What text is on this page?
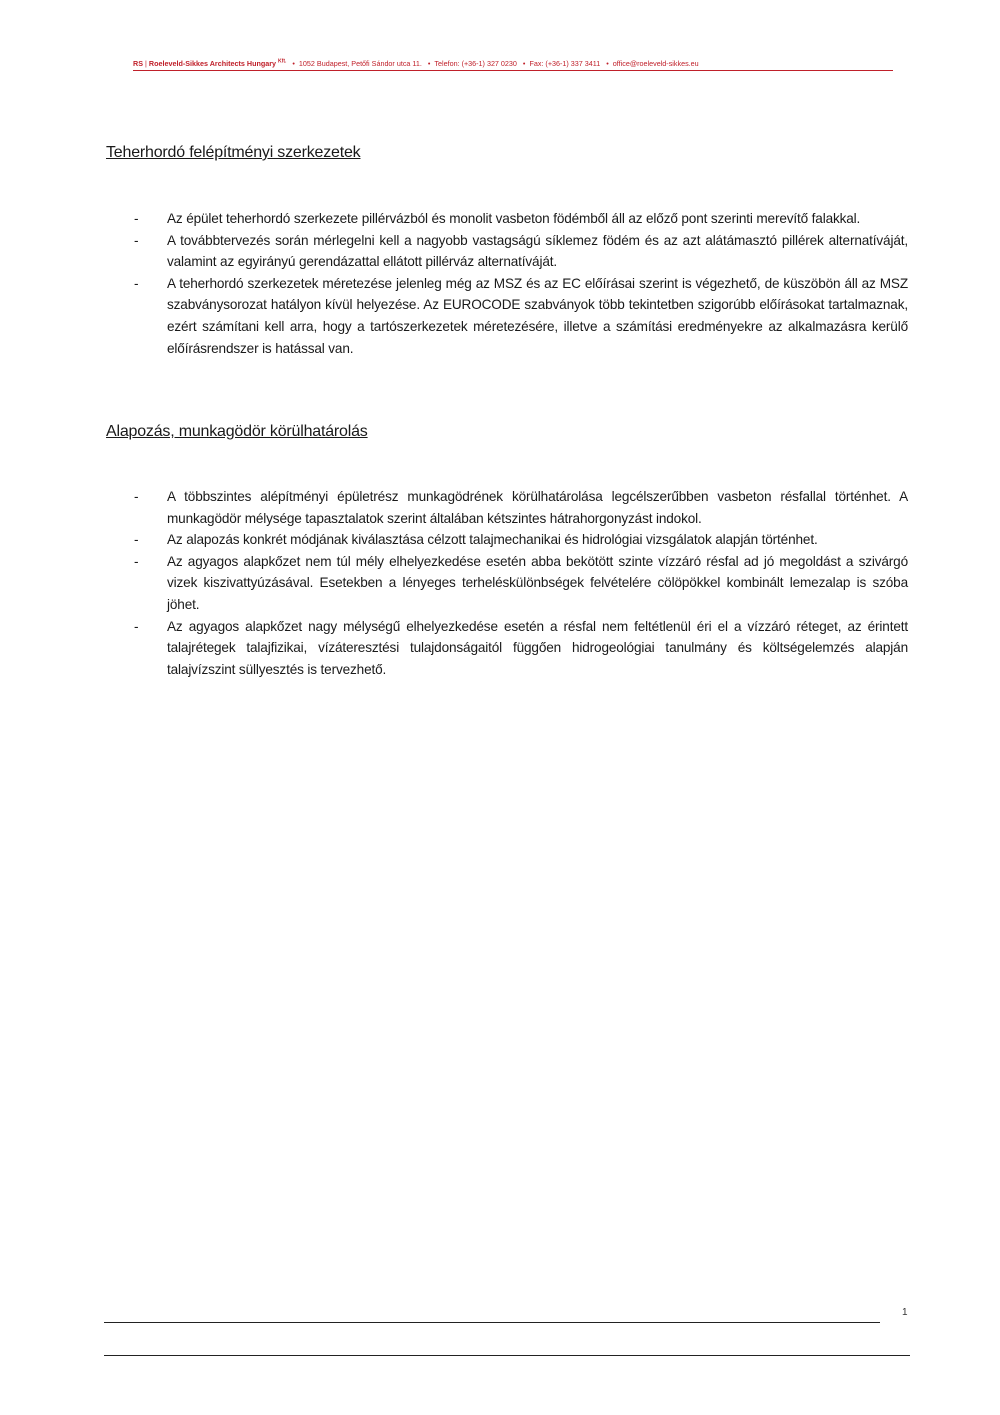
RS | Roeleveld-Sikkes Architects Hungary $^{Kft.}$ • 1052 Budapest, Petőfi Sándor utca 11. • Telefon: (+36-1) 327 0230 • Fax: (+36-1) 337 3411 • office@roeleveld-sikkes.eu
Teherhordó felépítményi szerkezetek
- Az épület teherhordó szerkezete pillérvázból és monolit vasbeton födémből áll az előző pont szerinti merevítő falakkal.
- A továbbtervezés során mérlegelni kell a nagyobb vastagságú síklemez födém és az azt alátámasztó pillérek alternatíváját, valamint az egyirányú gerendázattal ellátott pillérváz alternatíváját.
- A teherhordó szerkezetek méretezése jelenleg még az MSZ és az EC előírásai szerint is végezhető, de küszöbön áll az MSZ szabványsorozat hatályon kívül helyezése. Az EUROCODE szabványok több tekintetben szigorúbb előírásokat tartalmaznak, ezért számítani kell arra, hogy a tartószerkezetek méretezésére, illetve a számítási eredményekre az alkalmazásra kerülő előírásrendszer is hatással van.
Alapozás, munkagödör körülhatárolás
- A többszintes alépítményi épületrész munkagödrének körülhatárolása legcélszerűbben vasbeton résfallal történhet. A munkagödör mélysége tapasztalatok szerint általában kétszintes hátrahorgonyzást indokol.
- Az alapozás konkrét módjának kiválasztása célzott talajmechanikai és hidrológiai vizsgálatok alapján történhet.
- Az agyagos alapkőzet nem túl mély elhelyezkedése esetén abba bekötött szinte vízzáró résfal ad jó megoldást a szivárgó vizek kiszivattyúzásával. Esetekben a lényeges terheléskülönbségek felvételére cölöpökkel kombinált lemezalap is szóba jöhet.
- Az agyagos alapkőzet nagy mélységű elhelyezkedése esetén a résfal nem feltétlenül éri el a vízzáró réteget, az érintett talajrétegek talajfizikai, vízáteresztési tulajdonságaitól függően hidrogeológiai tanulmány és költségelemzés alapján talajvízszint süllyesztés is tervezhető.
1
